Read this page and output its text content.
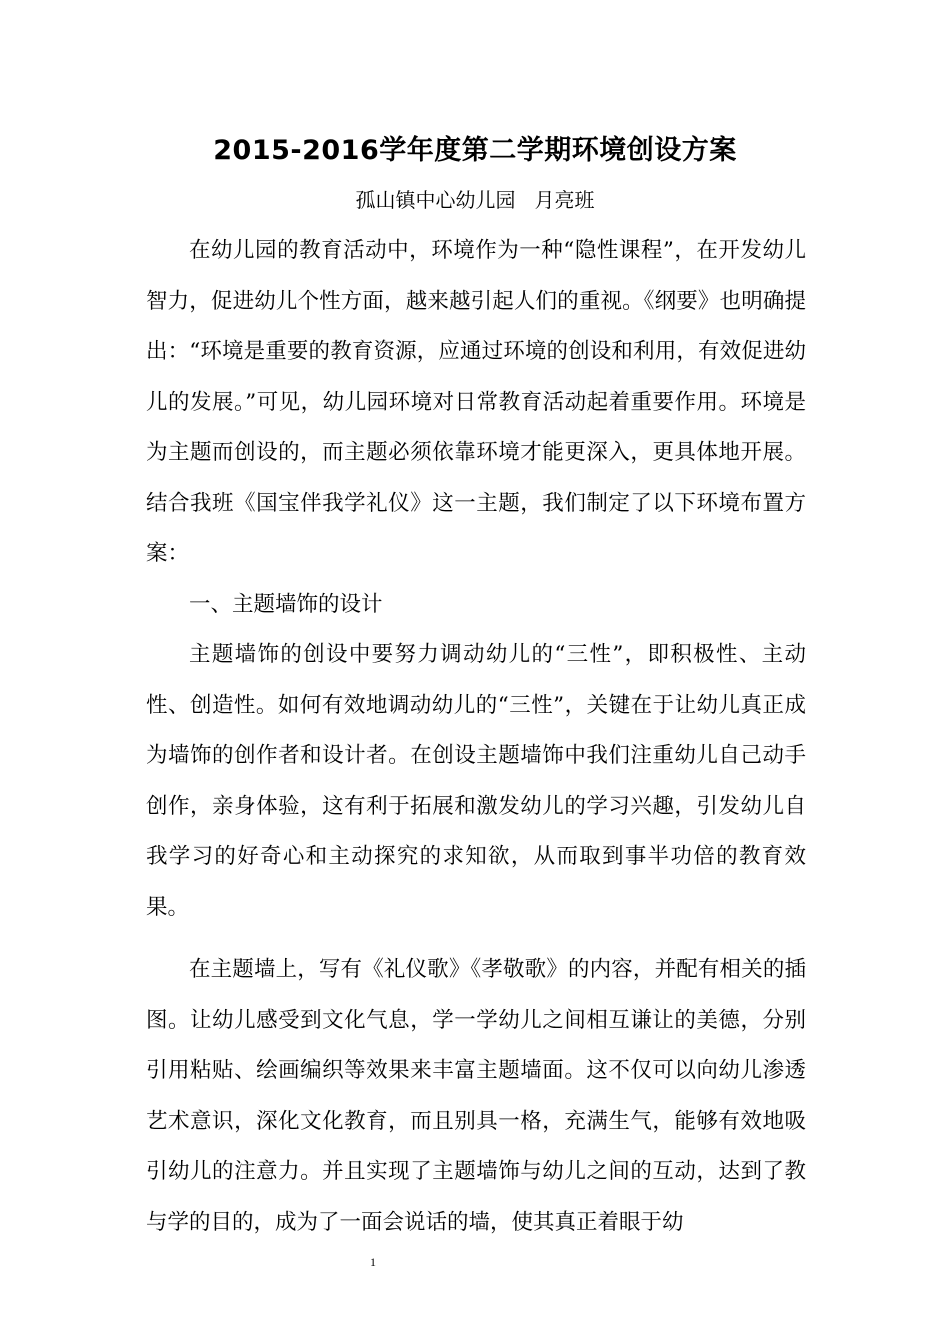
2015-2016学年度第二学期环境创设方案
孤山镇中心幼儿园   月亮班

在幼儿园的教育活动中，环境作为一种“隐性课程”，在开发幼儿智力，促进幼儿个性方面，越来越引起人们的重视。《纲要》也明确提出：“环境是重要的教育资源，应通过环境的创设和利用，有效促进幼儿的发展。”可见，幼儿园环境对日常教育活动起着重要作用。环境是为主题而创设的，而主题必须依靠环境才能更深入，更具体地开展。结合我班《国宝伴我学礼仪》这一主题，我们制定了以下环境布置方案：

一、主题墙饰的设计

主题墙饰的创设中要努力调动幼儿的“三性”，即积极性、主动性、创造性。如何有效地调动幼儿的“三性”，关键在于让幼儿真正成为墙饰的创作者和设计者。在创设主题墙饰中我们注重幼儿自己动手创作，亲身体验，这有利于拓展和激发幼儿的学习兴趣，引发幼儿自我学习的好奇心和主动探究的求知欲，从而取到事半功倍的教育效果。

在主题墙上，写有《礼仪歌》《孝敬歌》的内容，并配有相关的插图。让幼儿感受到文化气息，学一学幼儿之间相互谦让的美德，分别引用粘贴、绘画编织等效果来丰富主题墙面。这不仅可以向幼儿渗透艺术意识，深化文化教育，而且别具一格，充满生气，能够有效地吸引幼儿的注意力。并且实现了主题墙饰与幼儿之间的互动，达到了教与学的目的，成为了一面会说话的墙，使其真正着眼于幼

1
